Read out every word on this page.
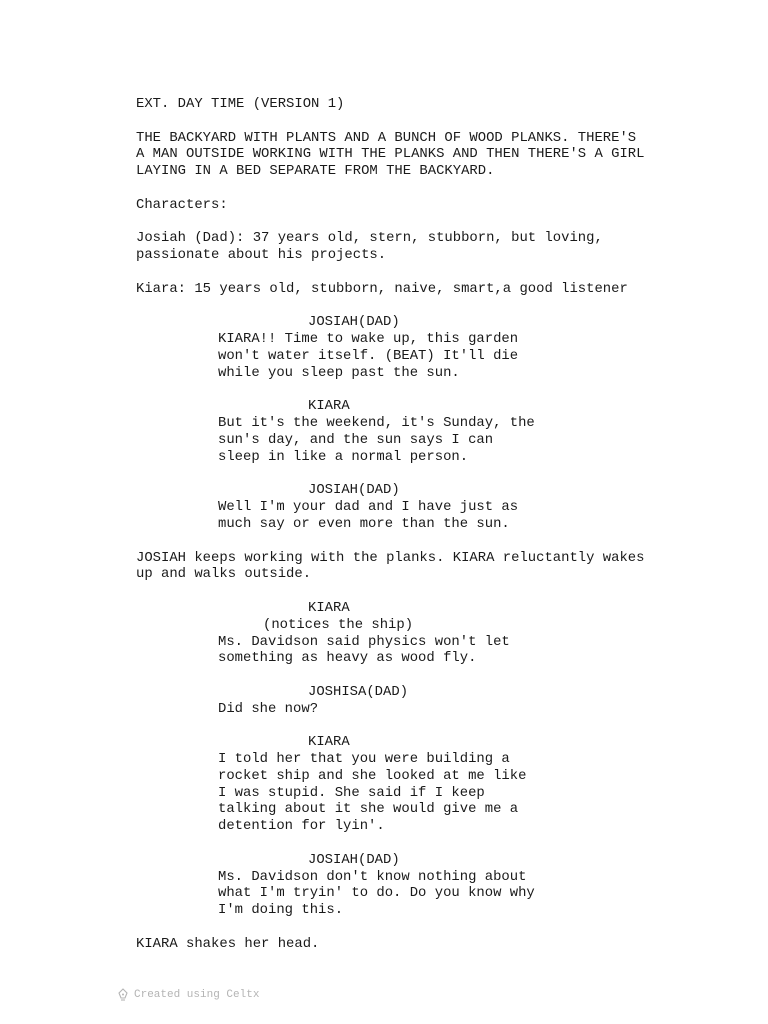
EXT. DAY TIME (VERSION 1)

THE BACKYARD WITH PLANTS AND A BUNCH OF WOOD PLANKS. THERE'S

A MAN OUTSIDE WORKING WITH THE PLANKS AND THEN THERE'S A GIRL

LAYING IN A BED SEPARATE FROM THE BACKYARD.

Characters:

Josiah (Dad): 37 years old, stern, stubborn, but loving,

passionate about his projects.

Kiara: 15 years old, stubborn, naive, smart,a good listener

JOSIAH(DAD)

KIARA!! Time to wake up, this garden

won't water itself. (BEAT) It'll die

while you sleep past the sun.

KIARA

But it's the weekend, it's Sunday, the

sun's day, and the sun says I can

sleep in like a normal person.

JOSIAH(DAD)

Well I'm your dad and I have just as

much say or even more than the sun.

JOSIAH keeps working with the planks. KIARA reluctantly wakes

up and walks outside.

KIARA

(notices the ship)

Ms. Davidson said physics won't let

something as heavy as wood fly.

JOSHISA(DAD)

Did she now?

KIARA

I told her that you were building a

rocket ship and she looked at me like

I was stupid. She said if I keep

talking about it she would give me a

detention for lyin'.

JOSIAH(DAD)

Ms. Davidson don't know nothing about

what I'm tryin' to do. Do you know why

I'm doing this.

KIARA shakes her head.

Created using Celtx
